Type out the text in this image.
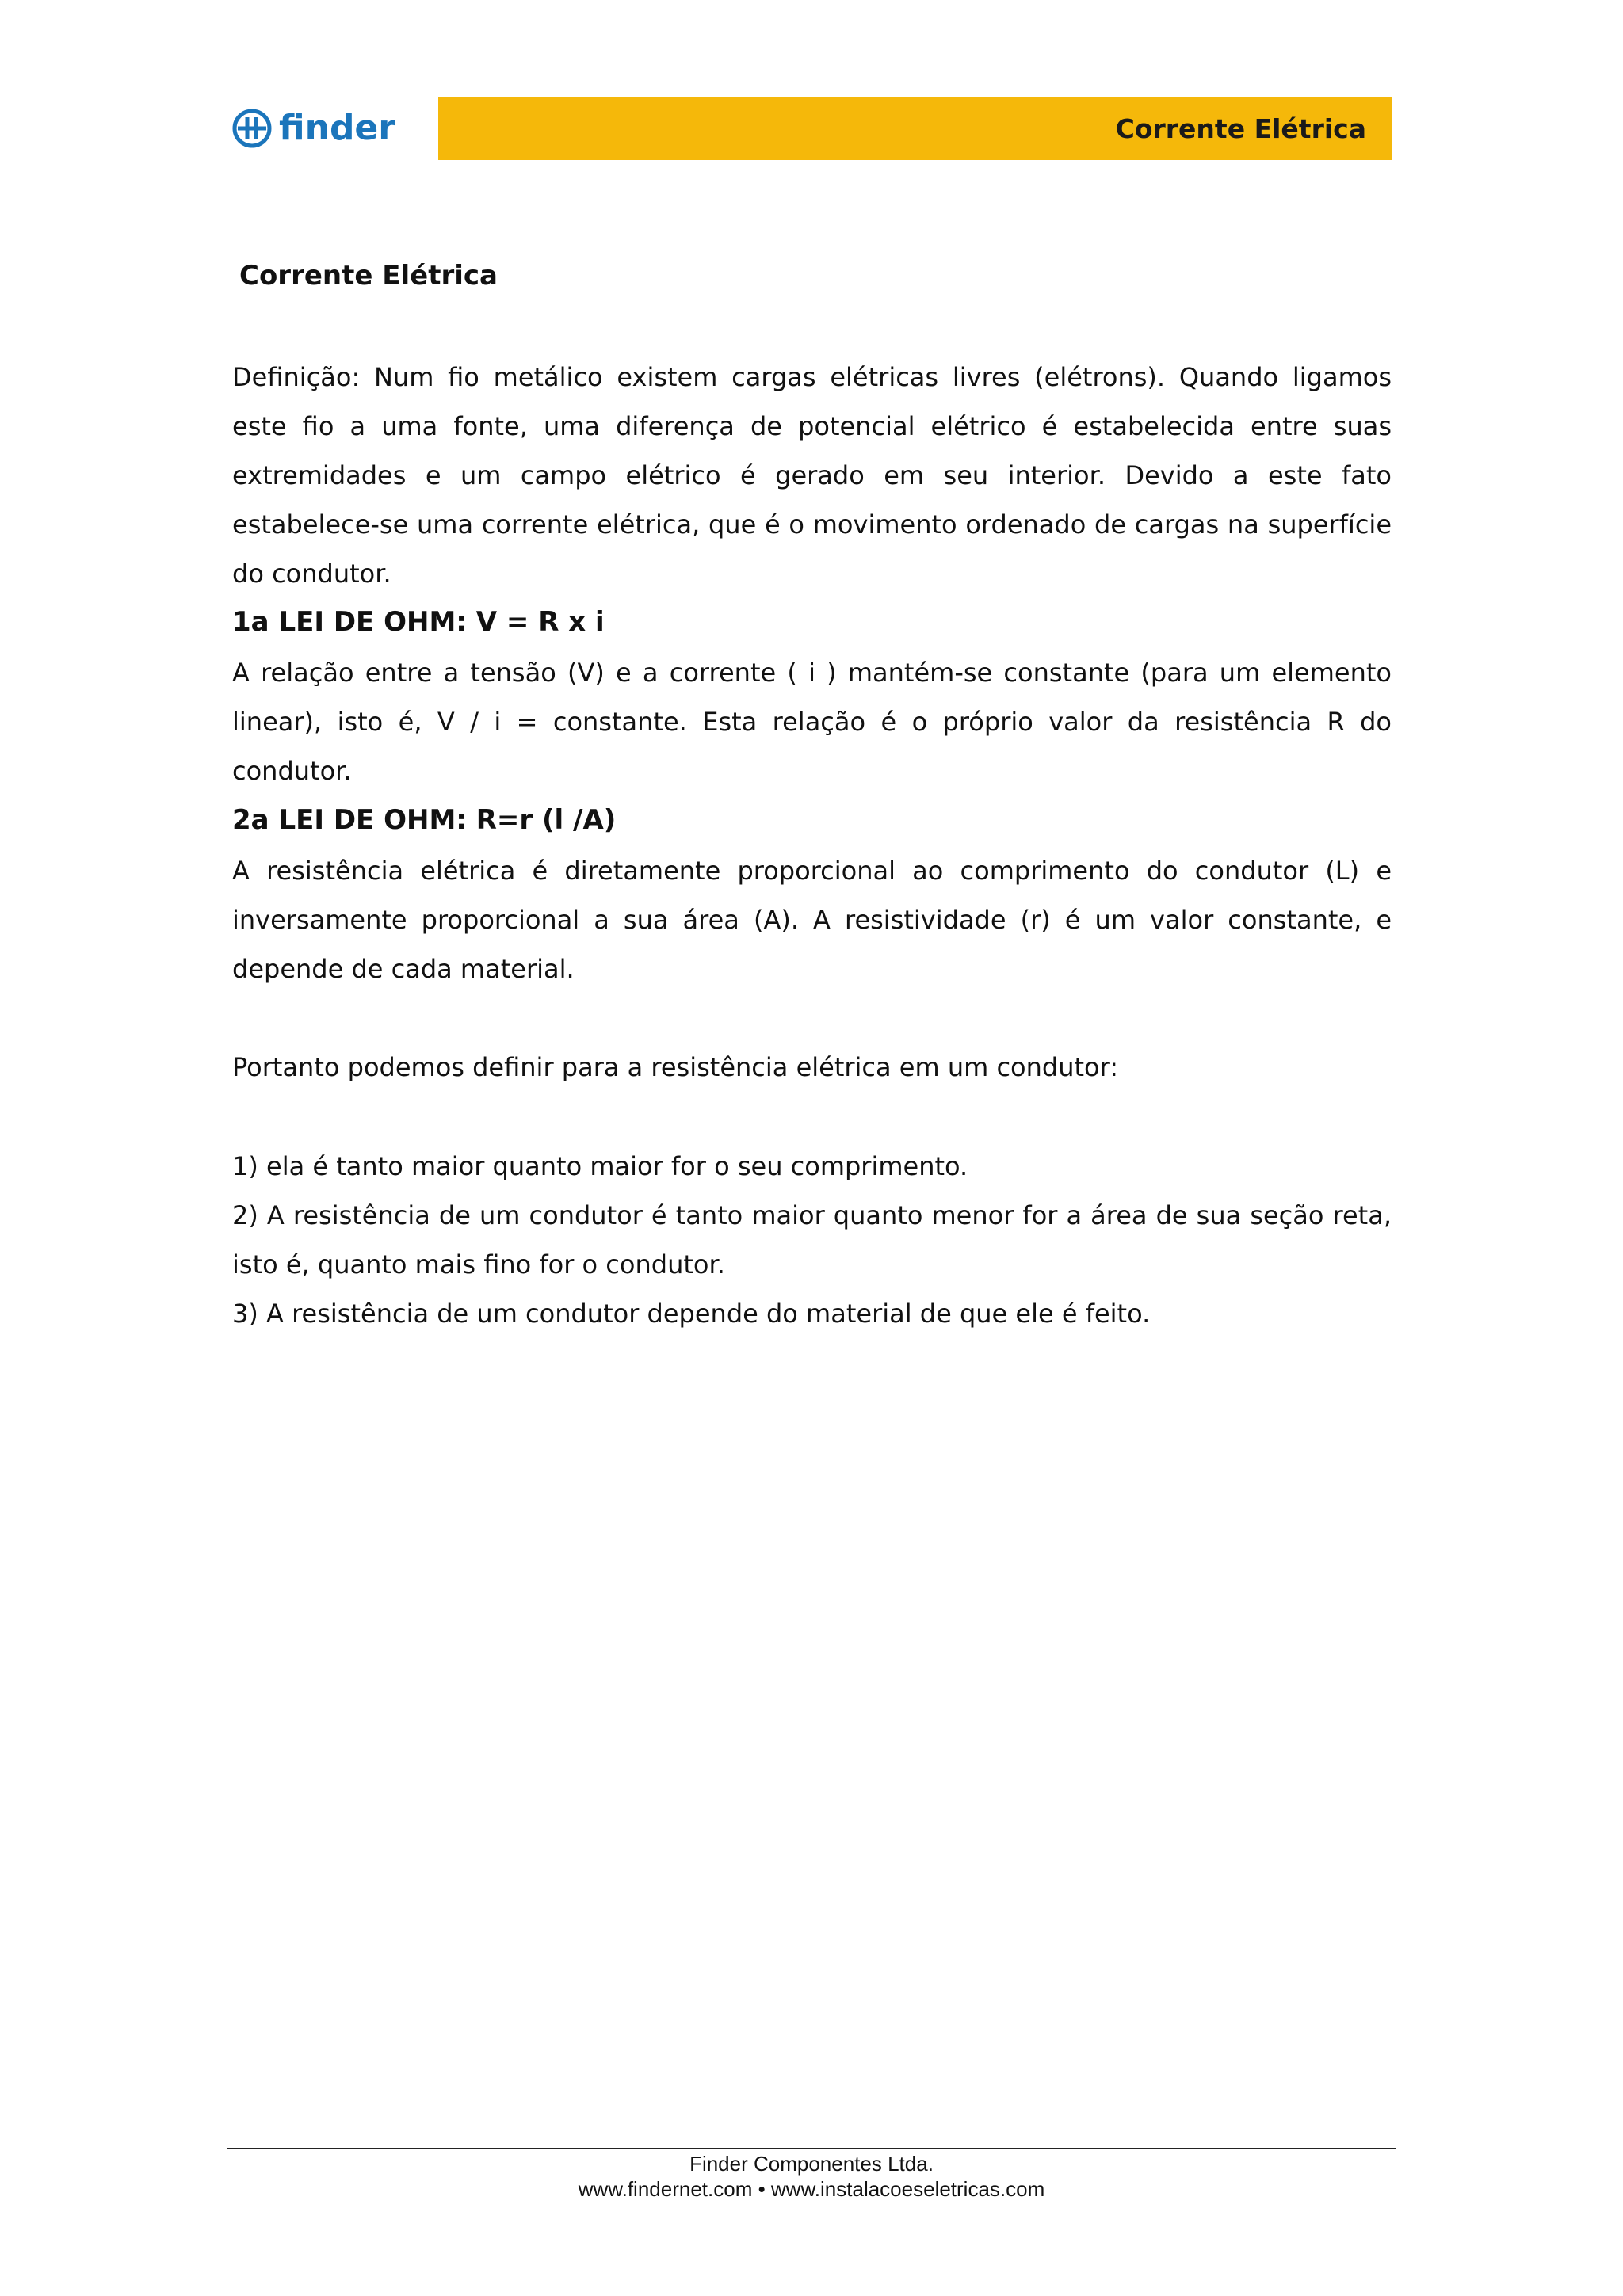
finder	Corrente Elétrica
Corrente Elétrica

Definição: Num fio metálico existem cargas elétricas livres (elétrons). Quando ligamos este fio a uma fonte, uma diferença de potencial elétrico é estabelecida entre suas extremidades e um campo elétrico é gerado em seu interior. Devido a este fato estabelece-se uma corrente elétrica, que é o movimento ordenado de cargas na superfície do condutor.

1a LEI DE OHM: V = R x i

A relação entre a tensão (V) e a corrente ( i ) mantém-se constante (para um elemento linear), isto é, V / i = constante. Esta relação é o próprio valor da resistência R do condutor.

2a LEI DE OHM: R=r (l /A)

A resistência elétrica é diretamente proporcional ao comprimento do condutor (L) e inversamente proporcional a sua área (A). A resistividade (r) é um valor constante, e depende de cada material.

Portanto podemos definir para a resistência elétrica em um condutor:

1) ela é tanto maior quanto maior for o seu comprimento.

2) A resistência de um condutor é tanto maior quanto menor for a área de sua seção reta, isto é, quanto mais fino for o condutor.

3) A resistência de um condutor depende do material de que ele é feito.

Finder Componentes Ltda.
www.findernet.com • www.instalacoeseletricas.com
